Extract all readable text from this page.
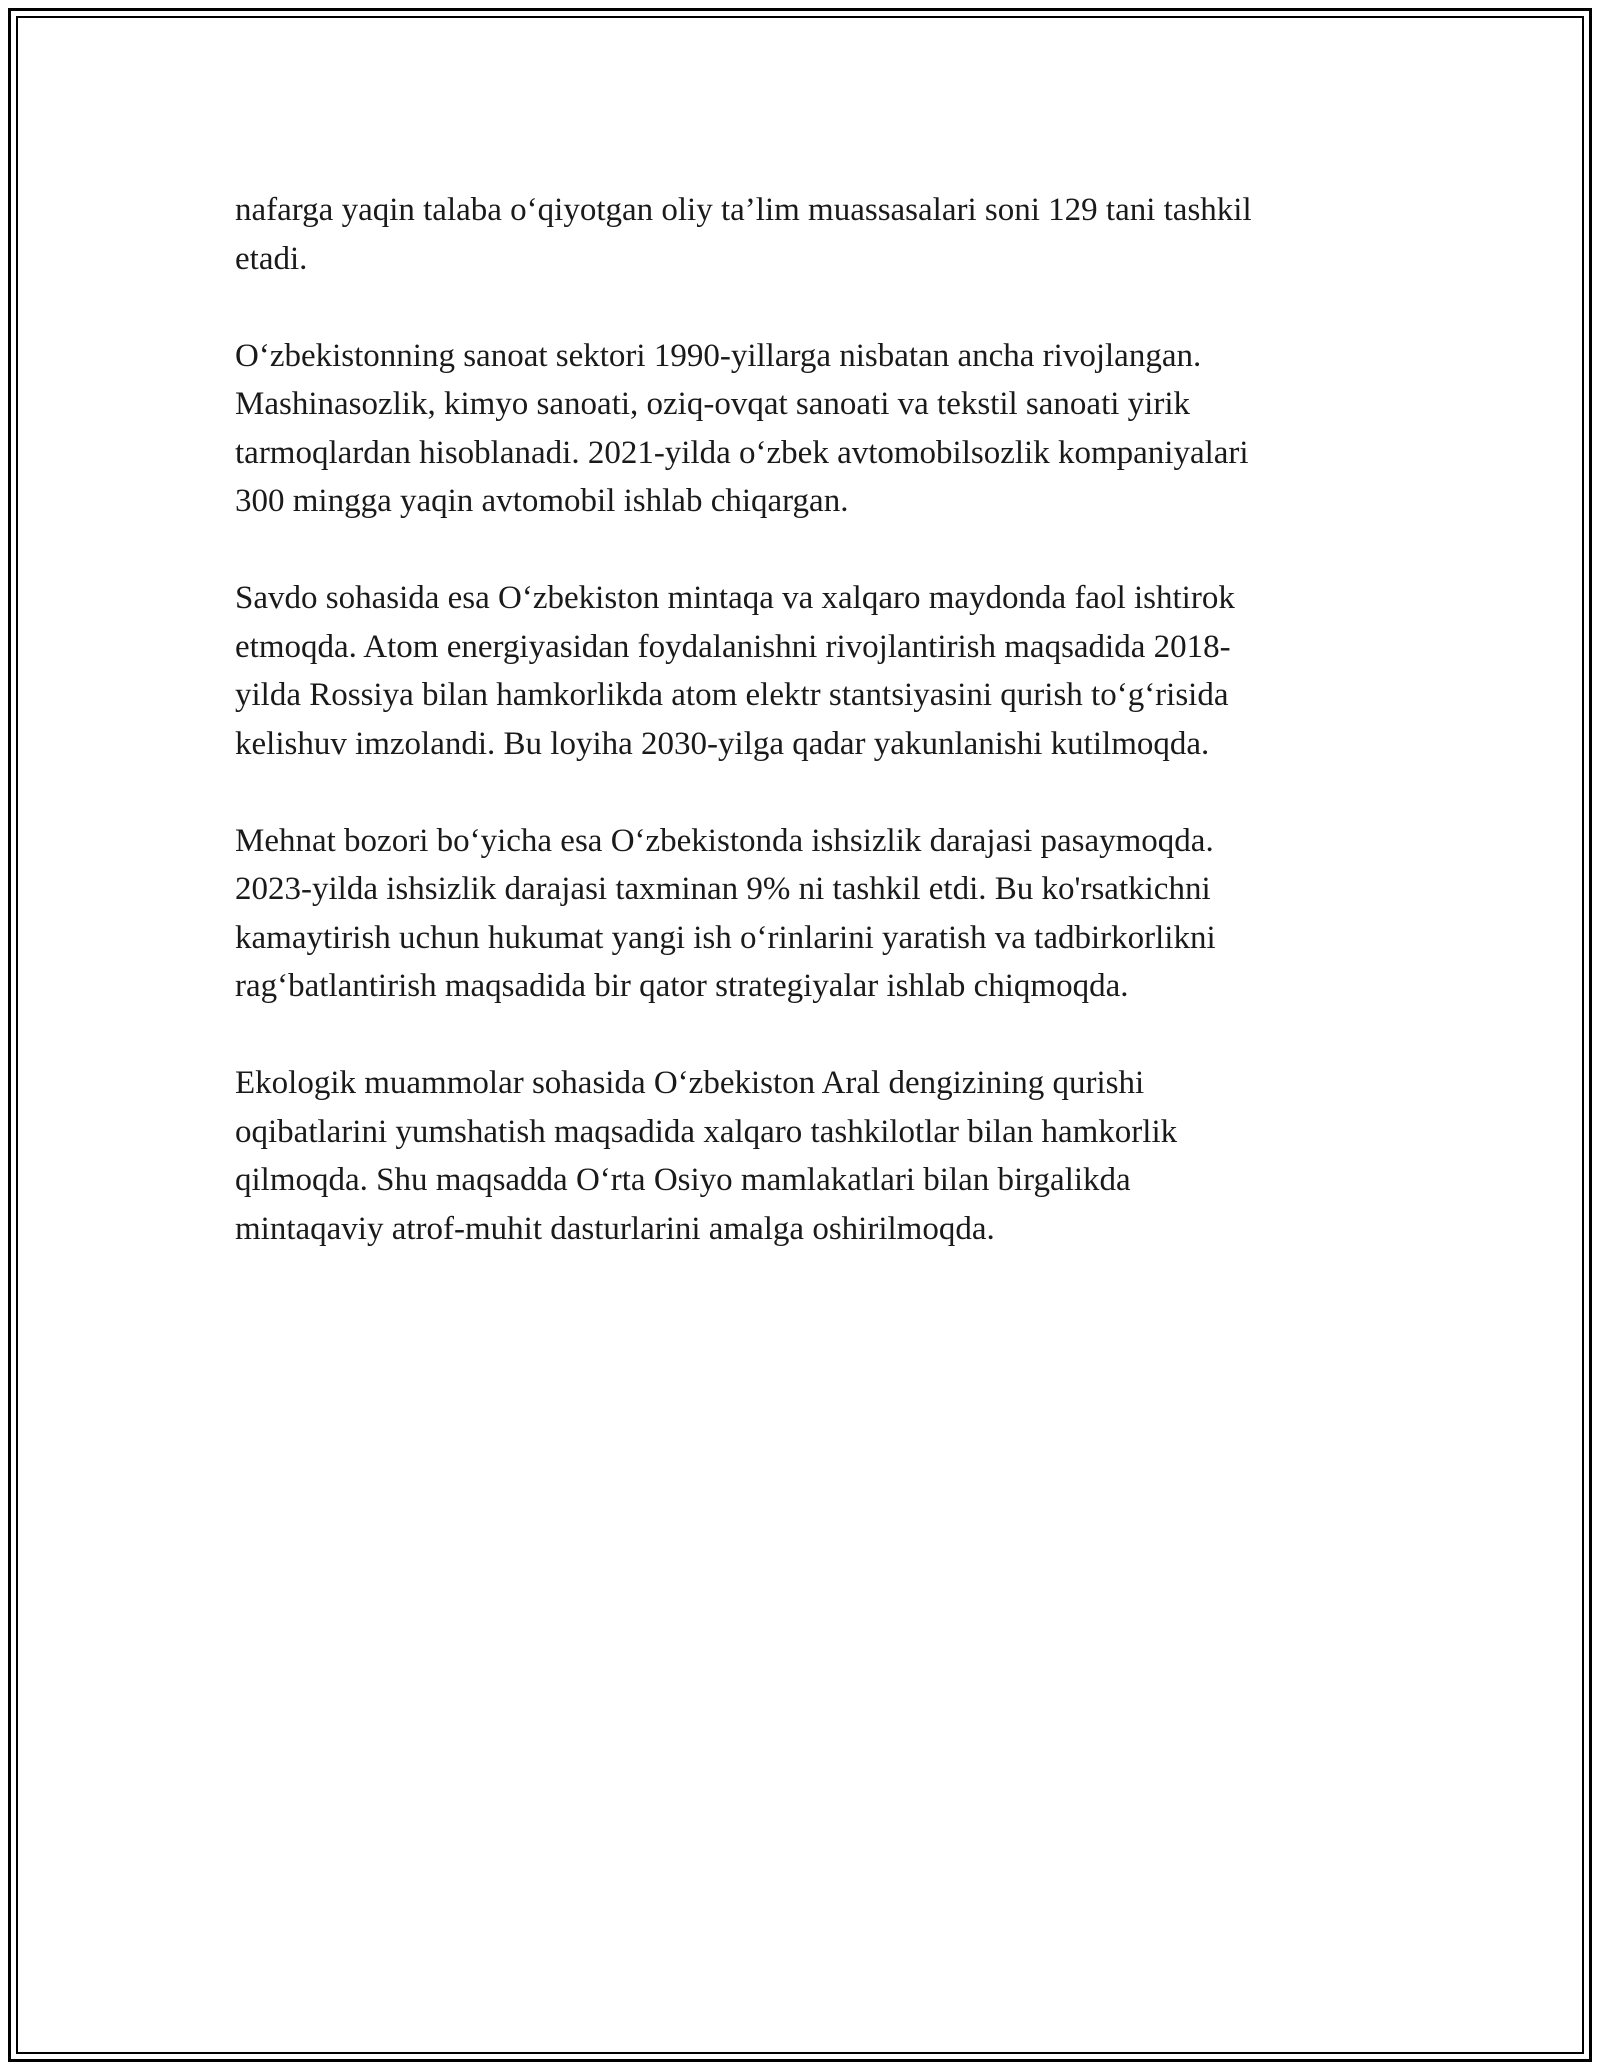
nafarga yaqin talaba o‘qiyotgan oliy ta’lim muassasalari soni 129 tani tashkil
etadi.

O‘zbekistonning sanoat sektori 1990-yillarga nisbatan ancha rivojlangan.
Mashinasozlik, kimyo sanoati, oziq-ovqat sanoati va tekstil sanoati yirik
tarmoqlardan hisoblanadi. 2021-yilda o‘zbek avtomobilsozlik kompaniyalari
300 mingga yaqin avtomobil ishlab chiqargan.

Savdo sohasida esa O‘zbekiston mintaqa va xalqaro maydonda faol ishtirok
etmoqda. Atom energiyasidan foydalanishni rivojlantirish maqsadida 2018-
yilda Rossiya bilan hamkorlikda atom elektr stantsiyasini qurish to‘g‘risida
kelishuv imzolandi. Bu loyiha 2030-yilga qadar yakunlanishi kutilmoqda.

Mehnat bozori bo‘yicha esa O‘zbekistonda ishsizlik darajasi pasaymoqda.
2023-yilda ishsizlik darajasi taxminan 9% ni tashkil etdi. Bu ko'rsatkichni
kamaytirish uchun hukumat yangi ish o‘rinlarini yaratish va tadbirkorlikni
rag‘batlantirish maqsadida bir qator strategiyalar ishlab chiqmoqda.

Ekologik muammolar sohasida O‘zbekiston Aral dengizining qurishi
oqibatlarini yumshatish maqsadida xalqaro tashkilotlar bilan hamkorlik
qilmoqda. Shu maqsadda O‘rta Osiyo mamlakatlari bilan birgalikda
mintaqaviy atrof-muhit dasturlarini amalga oshirilmoqda.
